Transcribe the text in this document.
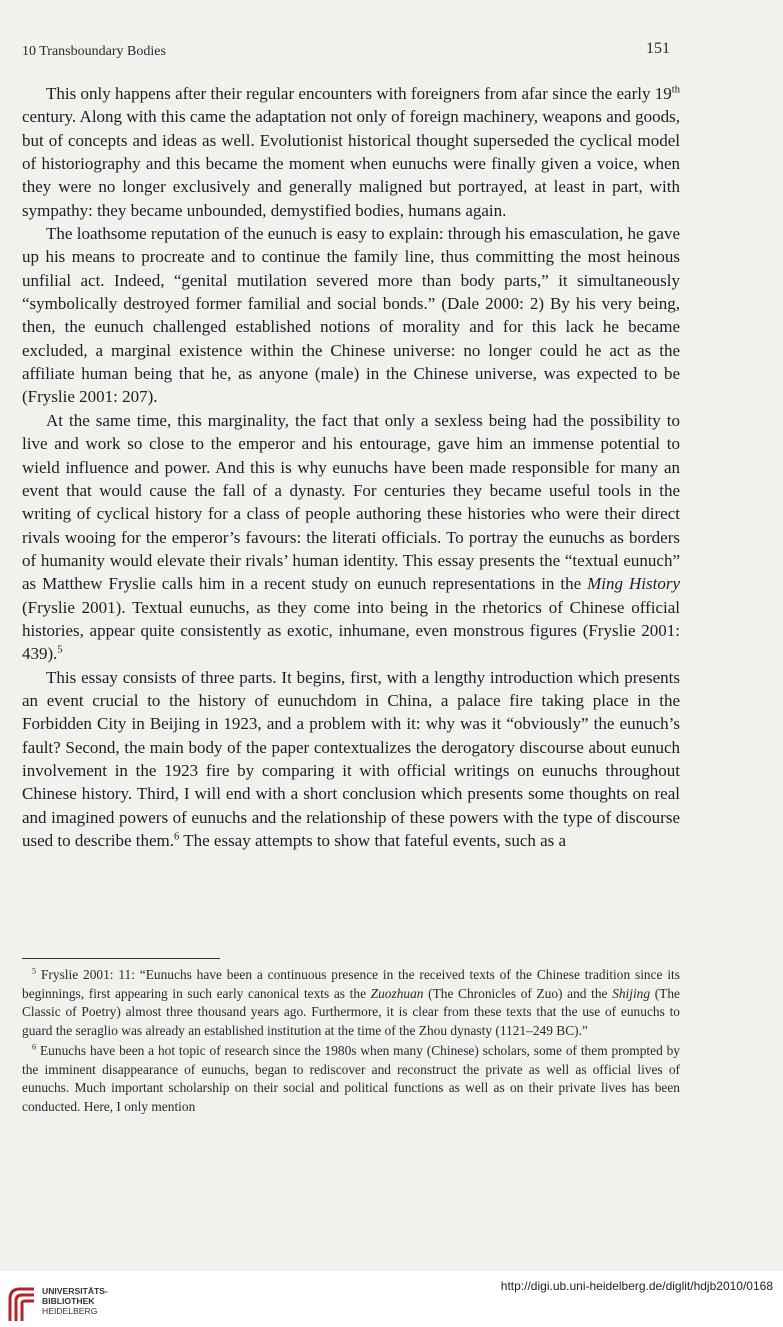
10 Transboundary Bodies	151

This only happens after their regular encounters with foreigners from afar since the early 19th century. Along with this came the adaptation not only of foreign machinery, weapons and goods, but of concepts and ideas as well. Evolutionist historical thought superseded the cyclical model of historiography and this became the moment when eunuchs were finally given a voice, when they were no longer exclusively and generally maligned but portrayed, at least in part, with sympathy: they became unbounded, demystified bodies, humans again.

The loathsome reputation of the eunuch is easy to explain: through his emasculation, he gave up his means to procreate and to continue the family line, thus committing the most heinous unfilial act. Indeed, “genital mutilation severed more than body parts,” it simultaneously “symbolically destroyed former familial and social bonds.” (Dale 2000: 2) By his very being, then, the eunuch challenged established notions of morality and for this lack he became excluded, a marginal existence within the Chinese universe: no longer could he act as the affiliate human being that he, as anyone (male) in the Chinese universe, was expected to be (Fryslie 2001: 207).

At the same time, this marginality, the fact that only a sexless being had the possibility to live and work so close to the emperor and his entourage, gave him an immense potential to wield influence and power. And this is why eunuchs have been made responsible for many an event that would cause the fall of a dynasty. For centuries they became useful tools in the writing of cyclical history for a class of people authoring these histories who were their direct rivals wooing for the emperor’s favours: the literati officials. To portray the eunuchs as borders of humanity would elevate their rivals’ human identity. This essay presents the “textual eunuch” as Matthew Fryslie calls him in a recent study on eunuch representations in the Ming History (Fryslie 2001). Textual eunuchs, as they come into being in the rhetorics of Chinese official histories, appear quite consistently as exotic, inhumane, even monstrous figures (Fryslie 2001: 439).$^5$

This essay consists of three parts. It begins, first, with a lengthy introduction which presents an event crucial to the history of eunuchdom in China, a palace fire taking place in the Forbidden City in Beijing in 1923, and a problem with it: why was it “obviously” the eunuch’s fault? Second, the main body of the paper contextualizes the derogatory discourse about eunuch involvement in the 1923 fire by comparing it with official writings on eunuchs throughout Chinese history. Third, I will end with a short conclusion which presents some thoughts on real and imagined powers of eunuchs and the relationship of these powers with the type of discourse used to describe them.$^6$ The essay attempts to show that fateful events, such as a

$^5$ Fryslie 2001: 11: “Eunuchs have been a continuous presence in the received texts of the Chinese tradition since its beginnings, first appearing in such early canonical texts as the Zuozhuan (The Chronicles of Zuo) and the Shijing (The Classic of Poetry) almost three thousand years ago. Furthermore, it is clear from these texts that the use of eunuchs to guard the seraglio was already an established institution at the time of the Zhou dynasty (1121–249 BC).”

$^6$ Eunuchs have been a hot topic of research since the 1980s when many (Chinese) scholars, some of them prompted by the imminent disappearance of eunuchs, began to rediscover and reconstruct the private as well as official lives of eunuchs. Much important scholarship on their social and political functions as well as on their private lives has been conducted. Here, I only mention

UNIVERSITÄTS-
BIBLIOTHEK
HEIDELBERG
http://digi.ub.uni-heidelberg.de/diglit/hdjb2010/0168
